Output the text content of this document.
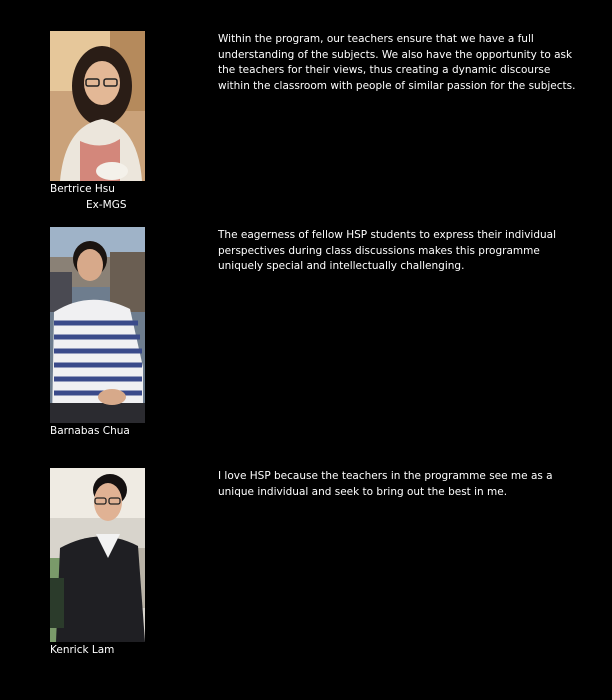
Bertrice Hsu
Ex-MGS
Within the program, our teachers ensure that we have a full understanding of the subjects. We also have the opportunity to ask the teachers for their views, thus creating a dynamic discourse within the classroom with people of similar passion for the subjects.
Barnabas Chua
The eagerness of fellow HSP students to express their individual perspectives during class discussions makes this programme uniquely special and intellectually challenging.
Kenrick Lam
I love HSP because the teachers in the programme see me as a unique individual and seek to bring out the best in me.
